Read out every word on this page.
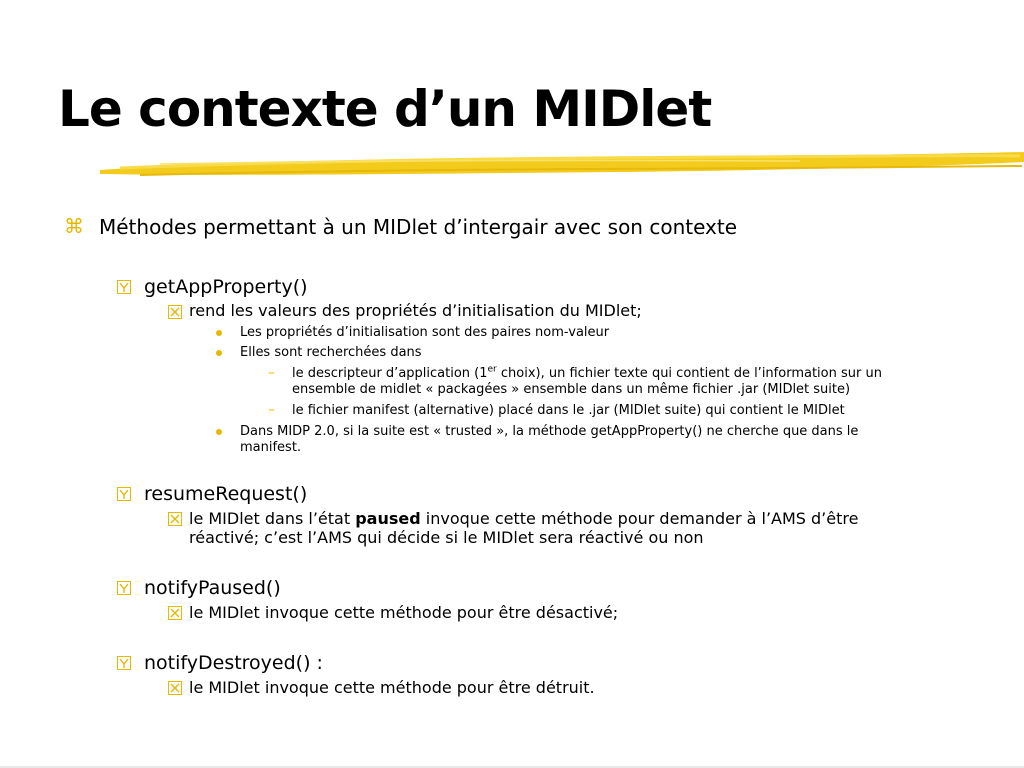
Le contexte d’un MIDlet
⌘ Méthodes permettant à un MIDlet d’intergair avec son contexte
getAppProperty()
rend les valeurs des propriétés d’initialisation du MIDlet;
Les propriétés d’initialisation sont des paires nom-valeur
Elles sont recherchées dans
– le descripteur d’application (1er choix), un fichier texte qui contient de l’information sur un
ensemble de midlet « packagées » ensemble dans un même fichier .jar (MIDlet suite)
– le fichier manifest (alternative) placé dans le .jar (MIDlet suite) qui contient le MIDlet
Dans MIDP 2.0, si la suite est « trusted », la méthode getAppProperty() ne cherche que dans le
manifest.
resumeRequest()
le MIDlet dans l’état paused invoque cette méthode pour demander à l’AMS d’être
réactivé; c’est l’AMS qui décide si le MIDlet sera réactivé ou non
notifyPaused()
le MIDlet invoque cette méthode pour être désactivé;
notifyDestroyed() :
le MIDlet invoque cette méthode pour être détruit.
